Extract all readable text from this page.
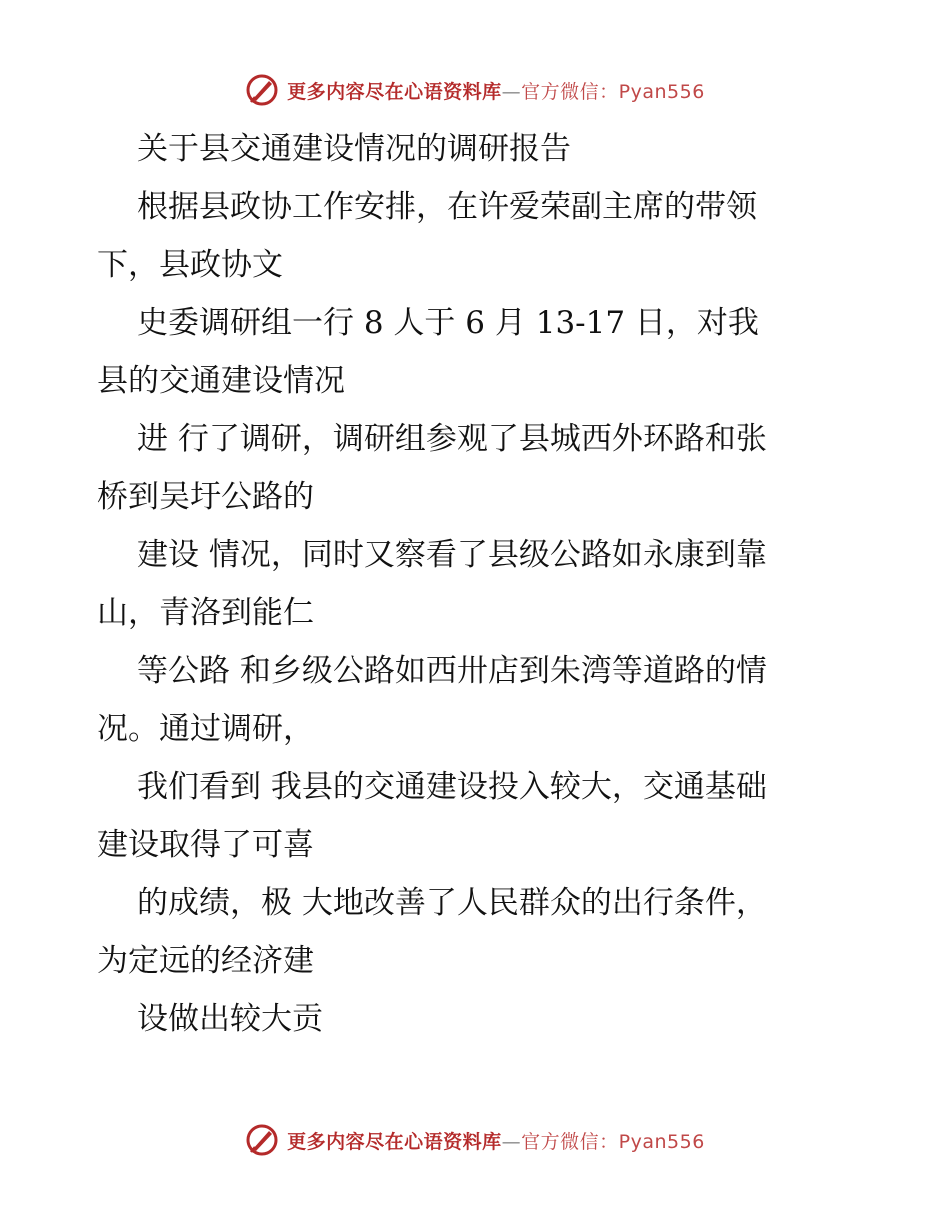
更多内容尽在心语资料库—官方微信：Pyan556

关于县交通建设情况的调研报告

根据县政协工作安排，在许爱荣副主席的带领

下，县政协文

史委调研组一行 8 人于 6 月 13-17 日，对我

县的交通建设情况

进 行了调研，调研组参观了县城西外环路和张

桥到吴圩公路的

建设 情况，同时又察看了县级公路如永康到靠

山，青洛到能仁

等公路 和乡级公路如西卅店到朱湾等道路的情

况。通过调研，

我们看到 我县的交通建设投入较大，交通基础

建设取得了可喜

的成绩，极 大地改善了人民群众的出行条件，

为定远的经济建

设做出较大贡

更多内容尽在心语资料库—官方微信：Pyan556
